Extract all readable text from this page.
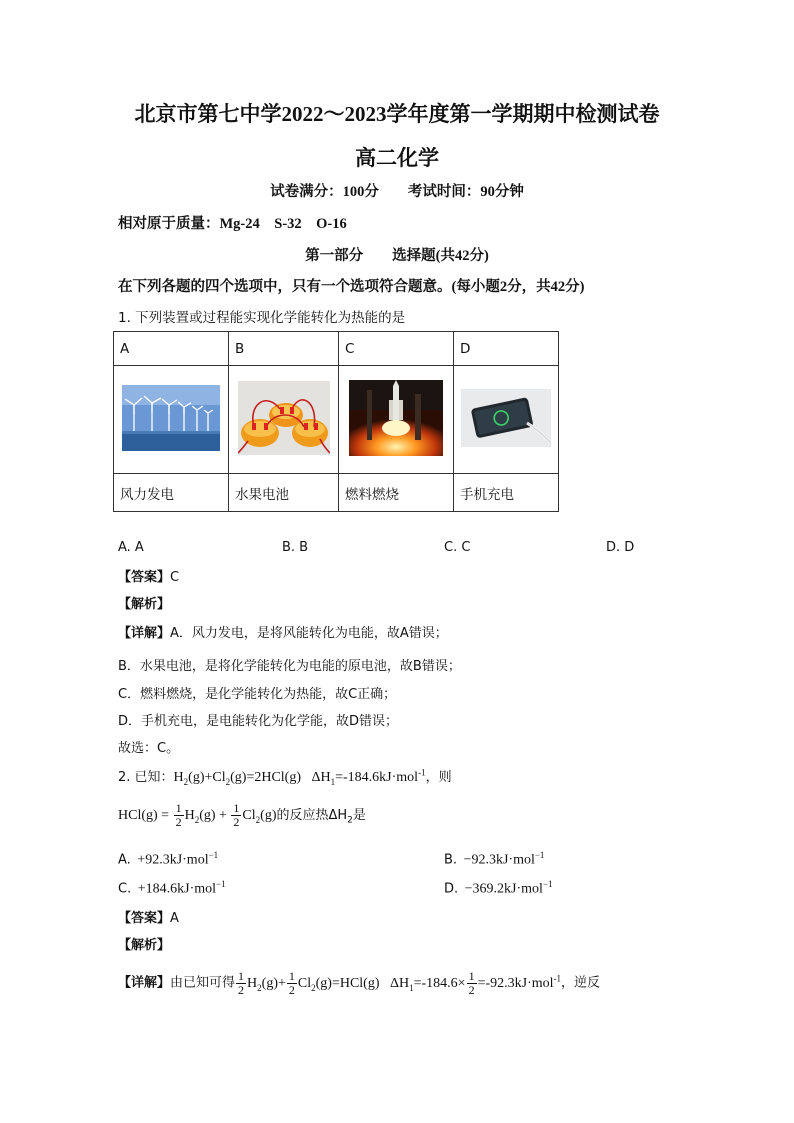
北京市第七中学2022～2023学年度第一学期期中检测试卷
高二化学
试卷满分：100分　　考试时间：90分钟
相对原于质量：Mg-24　S-32　O-16
第一部分　　选择题(共42分)
在下列各题的四个选项中，只有一个选项符合题意。(每小题2分，共42分)
1. 下列装置或过程能实现化学能转化为热能的是
A	B	C	D

风力发电	水果电池	燃料燃烧	手机充电
A. A	B. B	C. C	D. D
【答案】C
【解析】
【详解】A．风力发电，是将风能转化为电能，故A错误；
B．水果电池，是将化学能转化为电能的原电池，故B错误；
C．燃料燃烧，是化学能转化为热能，故C正确；
D．手机充电，是电能转化为化学能，故D错误；
故选：C。
2. 已知：$H_2(g)+Cl_2(g)=2HCl(g)$   $\Delta H_1=-184.6kJ\cdot mol^{-1}$，则
$HCl(g) = \frac{1}{2} H_2(g) + \frac{1}{2} Cl_2(g)$的反应热$\Delta H_2$是
A. +92.3kJ·mol$^{-1}$	B. −92.3kJ·mol$^{-1}$
C. +184.6kJ·mol$^{-1}$	D. −369.2kJ·mol$^{-1}$
【答案】A
【解析】
【详解】由已知可得 $\frac{1}{2} H_2(g)+ \frac{1}{2} Cl_2(g)=HCl(g)$   $\Delta H_1=-184.6\times \frac{1}{2} =-92.3kJ\cdot mol^{-1}$，逆反
